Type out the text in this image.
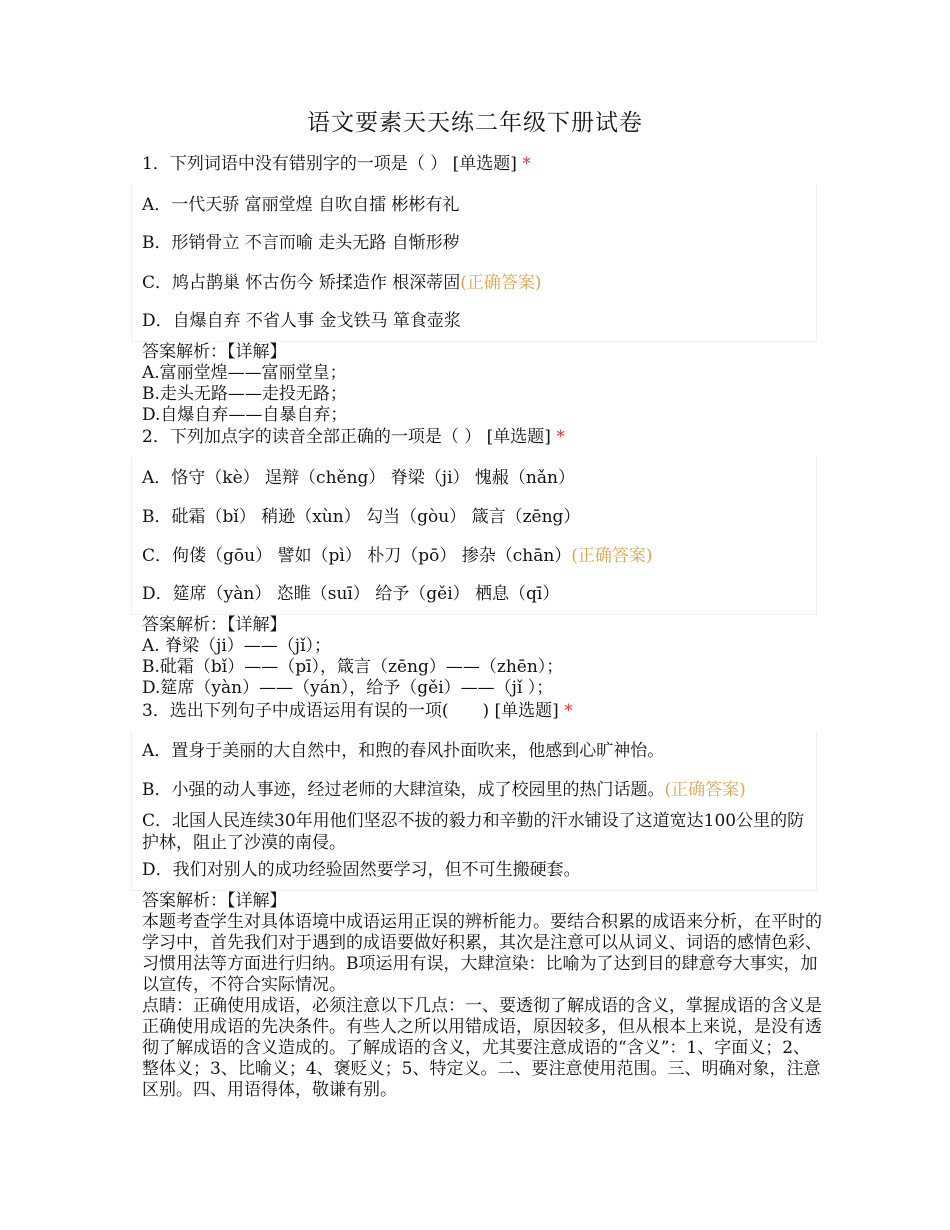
语文要素天天练二年级下册试卷
1．下列词语中没有错别字的一项是（ ） [单选题] *
A．一代天骄 富丽堂煌 自吹自擂 彬彬有礼
B．形销骨立 不言而喻 走头无路 自惭形秽
C．鸠占鹊巢 怀古伤今 矫揉造作 根深蒂固(正确答案)
D．自爆自弃 不省人事 金戈铁马 箪食壶浆
答案解析：【详解】
A.富丽堂煌——富丽堂皇；
B.走头无路——走投无路；
D.自爆自弃——自暴自弃；
2．下列加点字的读音全部正确的一项是（ ） [单选题] *
A．恪守（kè） 逞辩（chěng） 脊梁（ji） 愧赧（nǎn）
B．砒霜（bǐ） 稍逊（xùn） 勾当（gòu） 箴言（zēng）
C．佝偻（gōu） 譬如（pì） 朴刀（pō） 掺杂（chān）(正确答案)
D．筵席（yàn） 恣睢（suī） 给予（gěi） 栖息（qī）
答案解析：【详解】
A. 脊梁（ji）——（jǐ）；
B.砒霜（bǐ）——（pī），箴言（zēng）——（zhēn）；
D.筵席（yàn）——（yán），给予（gěi）——（jǐ ）；
3．选出下列句子中成语运用有误的一项(　　) [单选题] *
A．置身于美丽的大自然中，和煦的春风扑面吹来，他感到心旷神怡。
B．小强的动人事迹，经过老师的大肆渲染，成了校园里的热门话题。(正确答案)
C．北国人民连续30年用他们坚忍不拔的毅力和辛勤的汗水铺设了这道宽达100公里的防护林，阻止了沙漠的南侵。
D．我们对别人的成功经验固然要学习，但不可生搬硬套。
答案解析：【详解】
本题考查学生对具体语境中成语运用正误的辨析能力。要结合积累的成语来分析，在平时的学习中，首先我们对于遇到的成语要做好积累，其次是注意可以从词义、词语的感情色彩、习惯用法等方面进行归纳。B项运用有误，大肆渲染：比喻为了达到目的肆意夸大事实，加以宣传，不符合实际情况。
点睛：正确使用成语，必须注意以下几点：一、要透彻了解成语的含义，掌握成语的含义是正确使用成语的先决条件。有些人之所以用错成语，原因较多，但从根本上来说，是没有透彻了解成语的含义造成的。了解成语的含义，尤其要注意成语的“含义”：1、字面义；2、整体义；3、比喻义；4、褒贬义；5、特定义。二、要注意使用范围。三、明确对象，注意区别。四、用语得体，敬谦有别。
